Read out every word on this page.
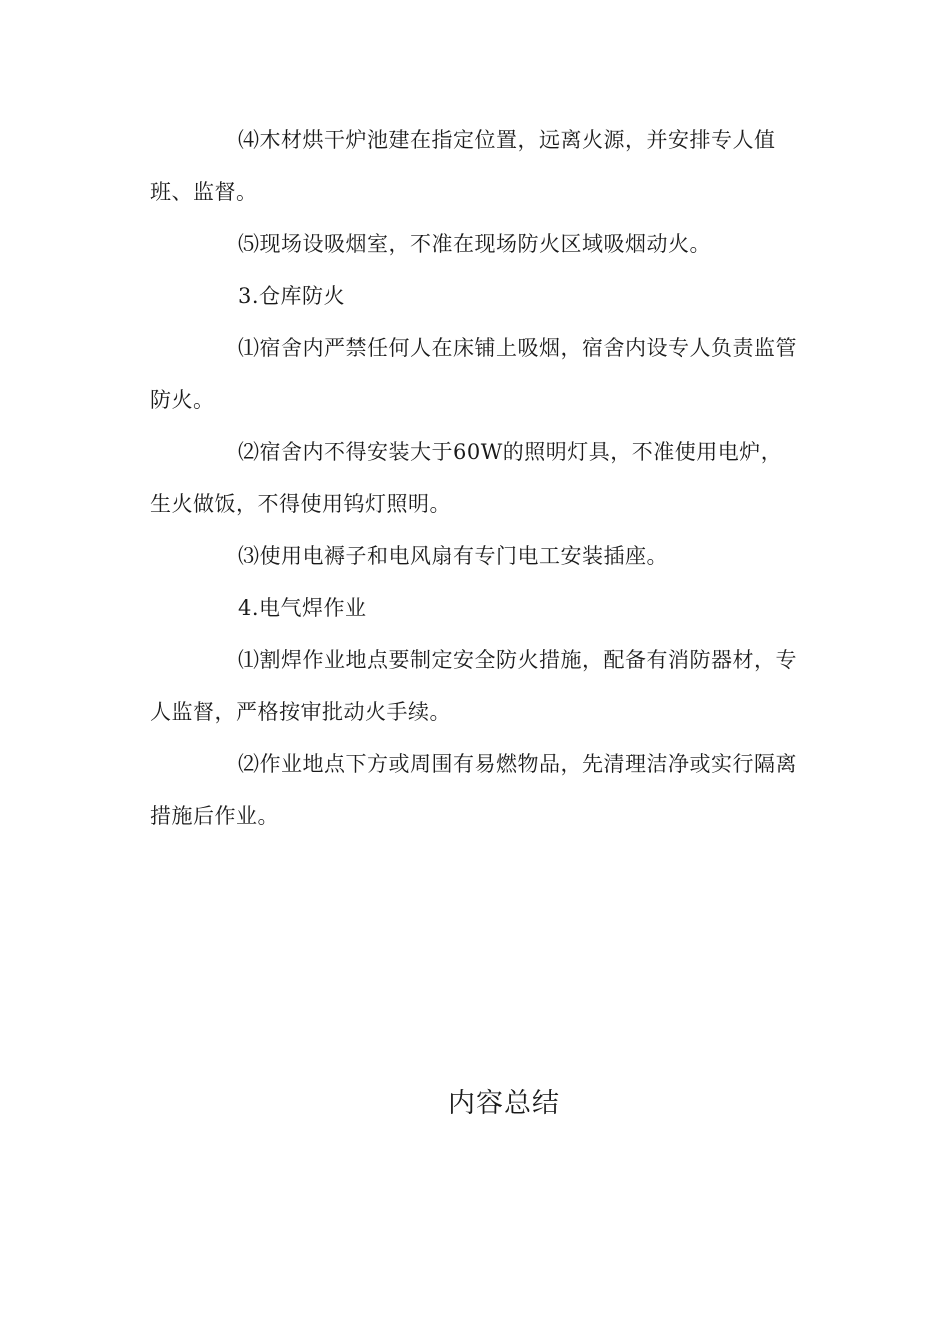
⑷木材烘干炉池建在指定位置，远离火源，并安排专人值班、监督。

⑸现场设吸烟室，不准在现场防火区域吸烟动火。

3.仓库防火

⑴宿舍内严禁任何人在床铺上吸烟，宿舍内设专人负责监管防火。

⑵宿舍内不得安装大于60W的照明灯具，不准使用电炉，生火做饭，不得使用钨灯照明。

⑶使用电褥子和电风扇有专门电工安装插座。

4.电气焊作业

⑴割焊作业地点要制定安全防火措施，配备有消防器材，专人监督，严格按审批动火手续。

⑵作业地点下方或周围有易燃物品，先清理洁净或实行隔离措施后作业。

内容总结
